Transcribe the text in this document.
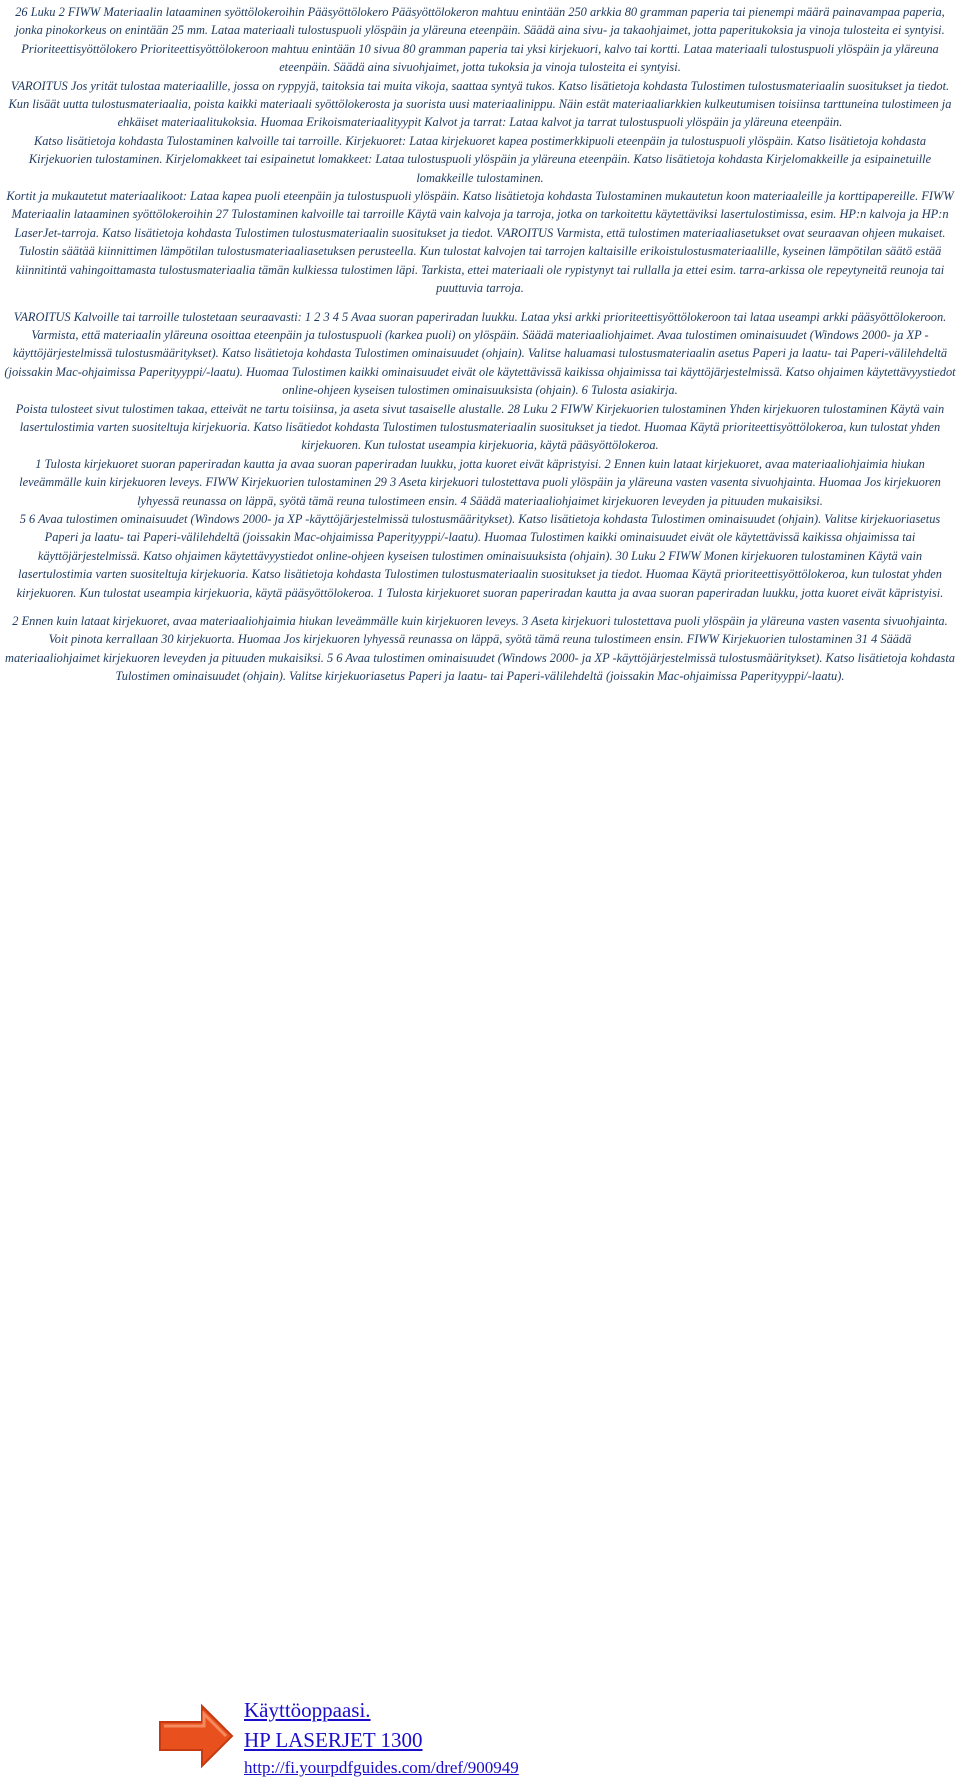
26 Luku 2 FIWW Materiaalin lataaminen syöttölokeroihin Pääsyöttölokero Pääsyöttölokeron mahtuu enintään 250 arkkia 80 gramman paperia tai pienempi määrä painavampaa paperia, jonka pinokorkeus on enintään 25 mm. Lataa materiaali tulostuspuoli ylöspäin ja yläreuna eteenpäin. Säädä aina sivu- ja takaohjaimet, jotta paperitukoksia ja vinoja tulosteita ei syntyisi. Prioriteettisyöttölokero Prioriteettisyöttölokeroon mahtuu enintään 10 sivua 80 gramman paperia tai yksi kirjekuori, kalvo tai kortti. Lataa materiaali tulostuspuoli ylöspäin ja yläreuna eteenpäin. Säädä aina sivuohjaimet, jotta tukoksia ja vinoja tulosteita ei syntyisi.

VAROITUS Jos yrität tulostaa materiaalille, jossa on ryppyjä, taitoksia tai muita vikoja, saattaa syntyä tukos. Katso lisätietoja kohdasta Tulostimen tulostusmateriaalin suositukset ja tiedot. Kun lisäät uutta tulostusmateriaalia, poista kaikki materiaali syöttölokerosta ja suorista uusi materiaalinippu. Näin estät materiaaliarkkien kulkeutumisen toisiinsa tarttuneina tulostimeen ja ehkäiset materiaalitukoksia. Huomaa Erikoismateriaalityypit Kalvot ja tarrat: Lataa kalvot ja tarrat tulostuspuoli ylöspäin ja yläreuna eteenpäin.

Katso lisätietoja kohdasta Tulostaminen kalvoille tai tarroille. Kirjekuoret: Lataa kirjekuoret kapea postimerkkipuoli eteenpäin ja tulostuspuoli ylöspäin. Katso lisätietoja kohdasta Kirjekuorien tulostaminen. Kirjelomakkeet tai esipainetut lomakkeet: Lataa tulostuspuoli ylöspäin ja yläreuna eteenpäin. Katso lisätietoja kohdasta Kirjelomakkeille ja esipainetuille lomakkeille tulostaminen.

Kortit ja mukautetut materiaalikoot: Lataa kapea puoli eteenpäin ja tulostuspuoli ylöspäin. Katso lisätietoja kohdasta Tulostaminen mukautetun koon materiaaleille ja korttipapereille. FIWW Materiaalin lataaminen syöttölokeroihin 27 Tulostaminen kalvoille tai tarroille Käytä vain kalvoja ja tarroja, jotka on tarkoitettu käytettäviksi lasertulostimissa, esim. HP:n kalvoja ja HP:n LaserJet-tarroja. Katso lisätietoja kohdasta Tulostimen tulostusmateriaalin suositukset ja tiedot. VAROITUS Varmista, että tulostimen materiaaliasetukset ovat seuraavan ohjeen mukaiset. Tulostin säätää kiinnittimen lämpötilan tulostusmateriaaliasetuksen perusteella. Kun tulostat kalvojen tai tarrojen kaltaisille erikoistulostusmateriaalille, kyseinen lämpötilan säätö estää kiinnitintä vahingoittamasta tulostusmateriaalia tämän kulkiessa tulostimen läpi. Tarkista, ettei materiaali ole rypistynyt tai rullalla ja ettei esim. tarra-arkissa ole repeytyneitä reunoja tai puuttuvia tarroja.

VAROITUS Kalvoille tai tarroille tulostetaan seuraavasti: 1 2 3 4 5 Avaa suoran paperiradan luukku. Lataa yksi arkki prioriteettisyöttölokeroon tai lataa useampi arkki pääsyöttölokeroon. Varmista, että materiaalin yläreuna osoittaa eteenpäin ja tulostuspuoli (karkea puoli) on ylöspäin. Säädä materiaaliohjaimet. Avaa tulostimen ominaisuudet (Windows 2000- ja XP -käyttöjärjestelmissä tulostusmääritykset). Katso lisätietoja kohdasta Tulostimen ominaisuudet (ohjain). Valitse haluamasi tulostusmateriaalin asetus Paperi ja laatu- tai Paperi-välilehdeltä (joissakin Mac-ohjaimissa Paperityyppi/-laatu). Huomaa Tulostimen kaikki ominaisuudet eivät ole käytettävissä kaikissa ohjaimissa tai käyttöjärjestelmissä. Katso ohjaimen käytettävyystiedot online-ohjeen kyseisen tulostimen ominaisuuksista (ohjain). 6 Tulosta asiakirja.

Poista tulosteet sivut tulostimen takaa, etteivät ne tartu toisiinsa, ja aseta sivut tasaiselle alustalle. 28 Luku 2 FIWW Kirjekuorien tulostaminen Yhden kirjekuoren tulostaminen Käytä vain lasertulostimia varten suositeltuja kirjekuoria. Katso lisätiedot kohdasta Tulostimen tulostusmateriaalin suositukset ja tiedot. Huomaa Käytä prioriteettisyöttölokeroa, kun tulostat yhden kirjekuoren. Kun tulostat useampia kirjekuoria, käytä pääsyöttölokeroa.

1 Tulosta kirjekuoret suoran paperiradan kautta ja avaa suoran paperiradan luukku, jotta kuoret eivät käpristyisi. 2 Ennen kuin lataat kirjekuoret, avaa materiaaliohjaimia hiukan leveämmälle kuin kirjekuoren leveys. FIWW Kirjekuorien tulostaminen 29 3 Aseta kirjekuori tulostettava puoli ylöspäin ja yläreuna vasten vasenta sivuohjainta. Huomaa Jos kirjekuoren lyhyessä reunassa on läppä, syötä tämä reuna tulostimeen ensin. 4 Säädä materiaaliohjaimet kirjekuoren leveyden ja pituuden mukaisiksi.

5 6 Avaa tulostimen ominaisuudet (Windows 2000- ja XP -käyttöjärjestelmissä tulostusmääritykset). Katso lisätietoja kohdasta Tulostimen ominaisuudet (ohjain). Valitse kirjekuoriasetus Paperi ja laatu- tai Paperi-välilehdeltä (joissakin Mac-ohjaimissa Paperityyppi/-laatu). Huomaa Tulostimen kaikki ominaisuudet eivät ole käytettävissä kaikissa ohjaimissa tai käyttöjärjestelmissä. Katso ohjaimen käytettävyystiedot online-ohjeen kyseisen tulostimen ominaisuuksista (ohjain). 30 Luku 2 FIWW Monen kirjekuoren tulostaminen Käytä vain lasertulostimia varten suositeltuja kirjekuoria. Katso lisätietoja kohdasta Tulostimen tulostusmateriaalin suositukset ja tiedot. Huomaa Käytä prioriteettisyöttölokeroa, kun tulostat yhden kirjekuoren. Kun tulostat useampia kirjekuoria, käytä pääsyöttölokeroa. 1 Tulosta kirjekuoret suoran paperiradan kautta ja avaa suoran paperiradan luukku, jotta kuoret eivät käpristyisi.

2 Ennen kuin lataat kirjekuoret, avaa materiaaliohjaimia hiukan leveämmälle kuin kirjekuoren leveys. 3 Aseta kirjekuori tulostettava puoli ylöspäin ja yläreuna vasten vasenta sivuohjainta. Voit pinota kerrallaan 30 kirjekuorta. Huomaa Jos kirjekuoren lyhyessä reunassa on läppä, syötä tämä reuna tulostimeen ensin. FIWW Kirjekuorien tulostaminen 31 4 Säädä materiaaliohjaimet kirjekuoren leveyden ja pituuden mukaisiksi. 5 6 Avaa tulostimen ominaisuudet (Windows 2000- ja XP -käyttöjärjestelmissä tulostusmääritykset). Katso lisätietoja kohdasta Tulostimen ominaisuudet (ohjain). Valitse kirjekuoriasetus Paperi ja laatu- tai Paperi-välilehdeltä (joissakin Mac-ohjaimissa Paperityyppi/-laatu).

Käyttöoppaasi.
HP LASERJET 1300
http://fi.yourpdfguides.com/dref/900949
